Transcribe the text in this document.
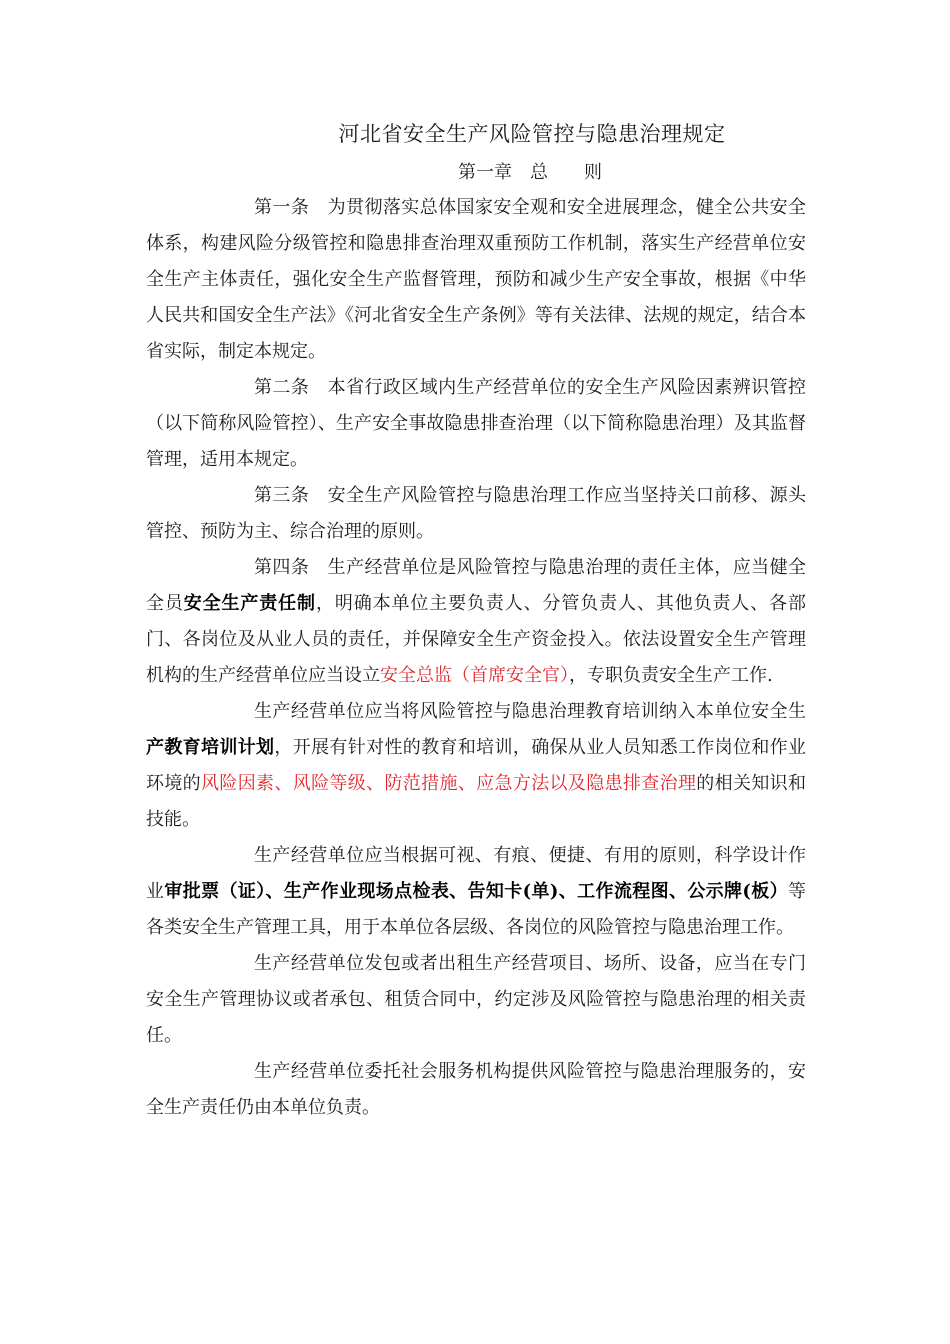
河北省安全生产风险管控与隐患治理规定
第一章　总　　则

第一条　为贯彻落实总体国家安全观和安全进展理念，健全公共安全体系，构建风险分级管控和隐患排查治理双重预防工作机制，落实生产经营单位安全生产主体责任，强化安全生产监督管理，预防和减少生产安全事故，根据《中华人民共和国安全生产法》《河北省安全生产条例》等有关法律、法规的规定，结合本省实际，制定本规定。

第二条　本省行政区域内生产经营单位的安全生产风险因素辨识管控（以下简称风险管控）、生产安全事故隐患排查治理（以下简称隐患治理）及其监督管理，适用本规定。

第三条　安全生产风险管控与隐患治理工作应当坚持关口前移、源头管控、预防为主、综合治理的原则。

第四条　生产经营单位是风险管控与隐患治理的责任主体，应当健全全员安全生产责任制，明确本单位主要负责人、分管负责人、其他负责人、各部门、各岗位及从业人员的责任，并保障安全生产资金投入。依法设置安全生产管理机构的生产经营单位应当设立安全总监（首席安全官），专职负责安全生产工作.

生产经营单位应当将风险管控与隐患治理教育培训纳入本单位安全生产教育培训计划，开展有针对性的教育和培训，确保从业人员知悉工作岗位和作业环境的风险因素、风险等级、防范措施、应急方法以及隐患排查治理的相关知识和技能。

生产经营单位应当根据可视、有痕、便捷、有用的原则，科学设计作业审批票（证）、生产作业现场点检表、告知卡(单)、工作流程图、公示牌(板）等各类安全生产管理工具，用于本单位各层级、各岗位的风险管控与隐患治理工作。

生产经营单位发包或者出租生产经营项目、场所、设备，应当在专门安全生产管理协议或者承包、租赁合同中，约定涉及风险管控与隐患治理的相关责任。

生产经营单位委托社会服务机构提供风险管控与隐患治理服务的，安全生产责任仍由本单位负责。
